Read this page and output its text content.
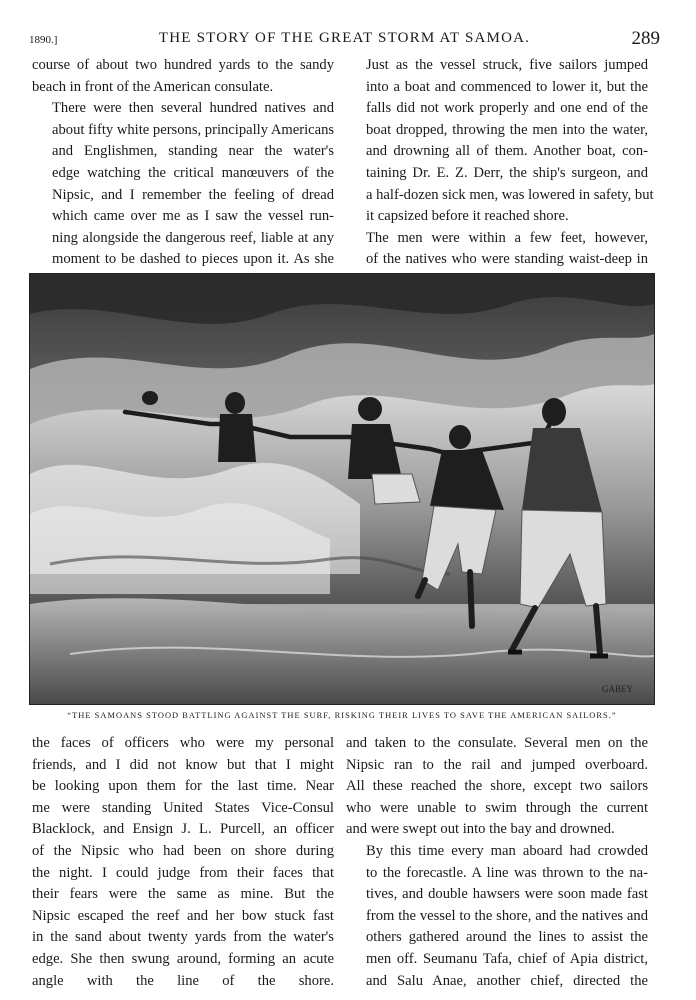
1890.]	THE STORY OF THE GREAT STORM AT SAMOA.	289

course of about two hundred yards to the sandy
beach in front of the American consulate.

There were then several hundred natives and
about fifty white persons, principally Americans
and Englishmen, standing near the water's
edge watching the critical manœuvers of the
Nipsic, and I remember the feeling of dread
which came over me as I saw the vessel run-
ning alongside the dangerous reef, liable at any
moment to be dashed to pieces upon it. As she

Just as the vessel struck, five sailors jumped
into a boat and commenced to lower it, but the
falls did not work properly and one end of the
boat dropped, throwing the men into the water,
and drowning all of them. Another boat, con-
taining Dr. E. Z. Derr, the ship's surgeon, and
a half-dozen sick men, was lowered in safety, but
it capsized before it reached shore.

The men were within a few feet, however,
of the natives who were standing waist-deep in

GABEY
“THE SAMOANS STOOD BATTLING AGAINST THE SURF, RISKING THEIR LIVES TO SAVE THE AMERICAN SAILORS.”

the faces of officers who were my personal
friends, and I did not know but that I might
be looking upon them for the last time. Near
me were standing United States Vice-Consul
Blacklock, and Ensign J. L. Purcell, an officer
of the Nipsic who had been on shore during
the night. I could judge from their faces that
their fears were the same as mine. But the
Nipsic escaped the reef and her bow stuck fast
in the sand about twenty yards from the water's
edge. She then swung around, forming an acute
angle with the line of the shore.

and taken to the consulate. Several men on the
Nipsic ran to the rail and jumped overboard.
All these reached the shore, except two sailors
who were unable to swim through the current
and were swept out into the bay and drowned.

By this time every man aboard had crowded
to the forecastle. A line was thrown to the na-
tives, and double hawsers were soon made fast
from the vessel to the shore, and the natives and
others gathered around the lines to assist the
men off. Seumanu Tafa, chief of Apia district,
and Salu Anae, another chief, directed the
